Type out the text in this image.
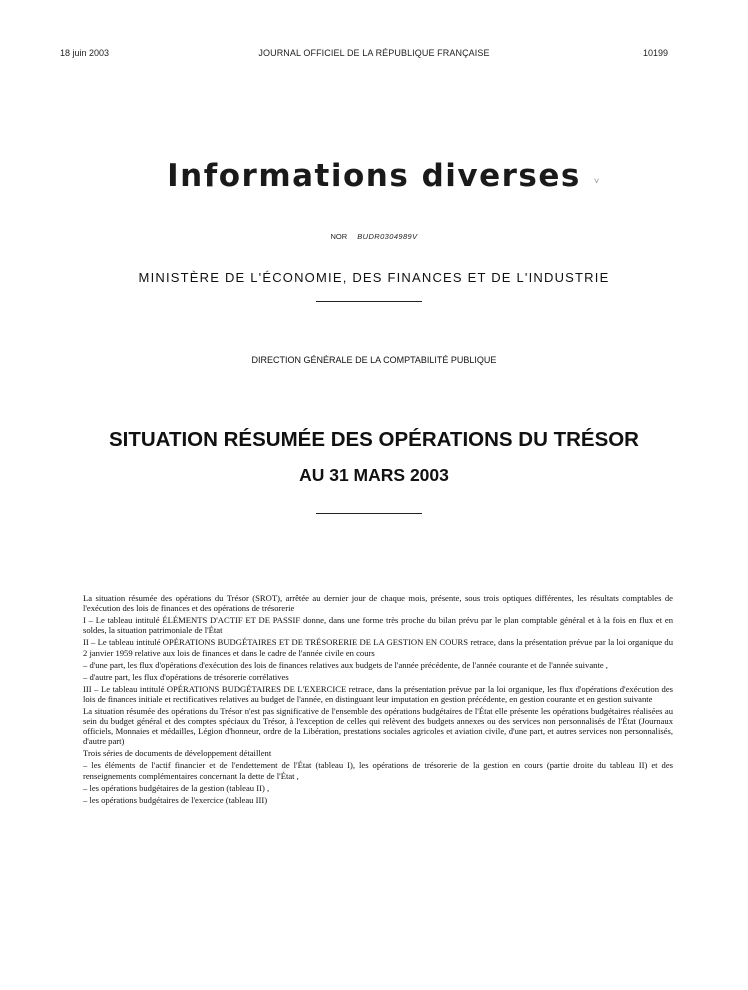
18 juin 2003	JOURNAL OFFICIEL DE LA RÉPUBLIQUE FRANÇAISE	10199
Informations diverses	˅
NOR BUDR0304989V
MINISTÈRE DE L'ÉCONOMIE, DES FINANCES ET DE L'INDUSTRIE
DIRECTION GÉNÉRALE DE LA COMPTABILITÉ PUBLIQUE
SITUATION RÉSUMÉE DES OPÉRATIONS DU TRÉSOR
AU 31 MARS 2003

La situation résumée des opérations du Trésor (SROT), arrêtée au dernier jour de chaque mois, présente, sous trois optiques différentes, les résultats comptables de l'exécution des lois de finances et des opérations de trésorerie

I – Le tableau intitulé ÉLÉMENTS D'ACTIF ET DE PASSIF donne, dans une forme très proche du bilan prévu par le plan comptable général et à la fois en flux et en soldes, la situation patrimoniale de l'État

II – Le tableau intitulé OPÉRATIONS BUDGÉTAIRES ET DE TRÉSORERIE DE LA GESTION EN COURS retrace, dans la présentation prévue par la loi organique du 2 janvier 1959 relative aux lois de finances et dans le cadre de l'année civile en cours

– d'une part, les flux d'opérations d'exécution des lois de finances relatives aux budgets de l'année précédente, de l'année courante et de l'année suivante ,

– d'autre part, les flux d'opérations de trésorerie corrélatives

III – Le tableau intitulé OPÉRATIONS BUDGÉTAIRES DE L'EXERCICE retrace, dans la présentation prévue par la loi organique, les flux d'opérations d'exécution des lois de finances initiale et rectificatives relatives au budget de l'année, en distinguant leur imputation en gestion précédente, en gestion courante et en gestion suivante

La situation résumée des opérations du Trésor n'est pas significative de l'ensemble des opérations budgétaires de l'État elle présente les opérations budgétaires réalisées au sein du budget général et des comptes spéciaux du Trésor, à l'exception de celles qui relèvent des budgets annexes ou des services non personnalisés de l'État (Journaux officiels, Monnaies et médailles, Légion d'honneur, ordre de la Libération, prestations sociales agricoles et aviation civile, d'une part, et autres services non personnalisés, d'autre part)

Trois séries de documents de développement détaillent

– les éléments de l'actif financier et de l'endettement de l'État (tableau I), les opérations de trésorerie de la gestion en cours (partie droite du tableau II) et des renseignements complémentaires concernant la dette de l'État ,

– les opérations budgétaires de la gestion (tableau II) ,

– les opérations budgétaires de l'exercice (tableau III)
